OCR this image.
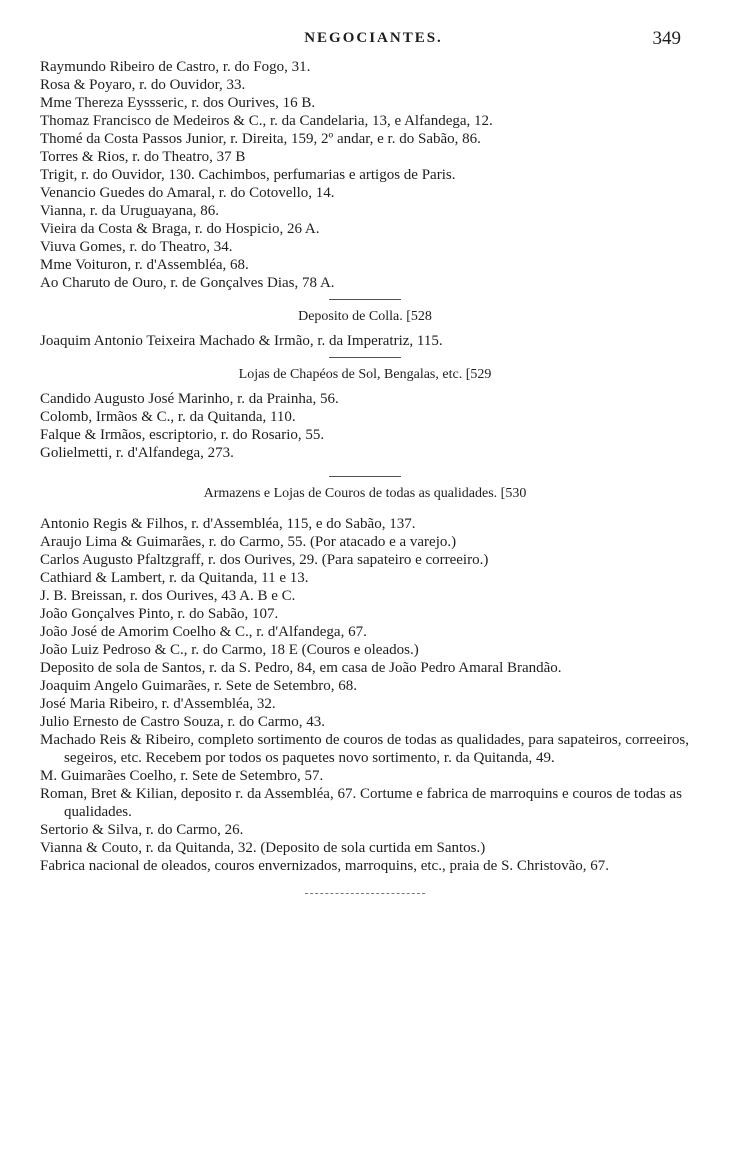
NEGOCIANTES.	349

Raymundo Ribeiro de Castro, r. do Fogo, 31.

Rosa & Poyaro, r. do Ouvidor, 33.

Mme Thereza Eyssseric, r. dos Ourives, 16 B.

Thomaz Francisco de Medeiros & C., r. da Candelaria, 13, e Alfandega, 12.

Thomé da Costa Passos Junior, r. Direita, 159, 2º andar, e r. do Sabão, 86.

Torres & Rios, r. do Theatro, 37 B

Trigit, r. do Ouvidor, 130. Cachimbos, perfumarias e artigos de Paris.

Venancio Guedes do Amaral, r. do Cotovello, 14.

Vianna, r. da Uruguayana, 86.

Vieira da Costa & Braga, r. do Hospicio, 26 A.

Viuva Gomes, r. do Theatro, 34.

Mme Voituron, r. d'Assembléa, 68.

Ao Charuto de Ouro, r. de Gonçalves Dias, 78 A.

Deposito de Colla. [528

Joaquim Antonio Teixeira Machado & Irmão, r. da Imperatriz, 115.

Lojas de Chapéos de Sol, Bengalas, etc. [529

Candido Augusto José Marinho, r. da Prainha, 56.

Colomb, Irmãos & C., r. da Quitanda, 110.

Falque & Irmãos, escriptorio, r. do Rosario, 55.

Golielmetti, r. d'Alfandega, 273.

Armazens e Lojas de Couros de todas as qualidades. [530

Antonio Regis & Filhos, r. d'Assembléa, 115, e do Sabão, 137.

Araujo Lima & Guimarães, r. do Carmo, 55. (Por atacado e a varejo.)

Carlos Augusto Pfaltzgraff, r. dos Ourives, 29. (Para sapateiro e correeiro.)

Cathiard & Lambert, r. da Quitanda, 11 e 13.

J. B. Breissan, r. dos Ourives, 43 A. B e C.

João Gonçalves Pinto, r. do Sabão, 107.

João José de Amorim Coelho & C., r. d'Alfandega, 67.

João Luiz Pedroso & C., r. do Carmo, 18 E (Couros e oleados.)

Deposito de sola de Santos, r. da S. Pedro, 84, em casa de João Pedro Amaral Brandão.

Joaquim Angelo Guimarães, r. Sete de Setembro, 68.

José Maria Ribeiro, r. d'Assembléa, 32.

Julio Ernesto de Castro Souza, r. do Carmo, 43.

Machado Reis & Ribeiro, completo sortimento de couros de todas as qualidades, para sapateiros, correeiros, segeiros, etc. Recebem por todos os paquetes novo sortimento, r. da Quitanda, 49.

M. Guimarães Coelho, r. Sete de Setembro, 57.

Roman, Bret & Kilian, deposito r. da Assembléa, 67. Cortume e fabrica de marroquins e couros de todas as qualidades.

Sertorio & Silva, r. do Carmo, 26.

Vianna & Couto, r. da Quitanda, 32. (Deposito de sola curtida em Santos.)

Fabrica nacional de oleados, couros envernizados, marroquins, etc., praia de S. Christovão, 67.
